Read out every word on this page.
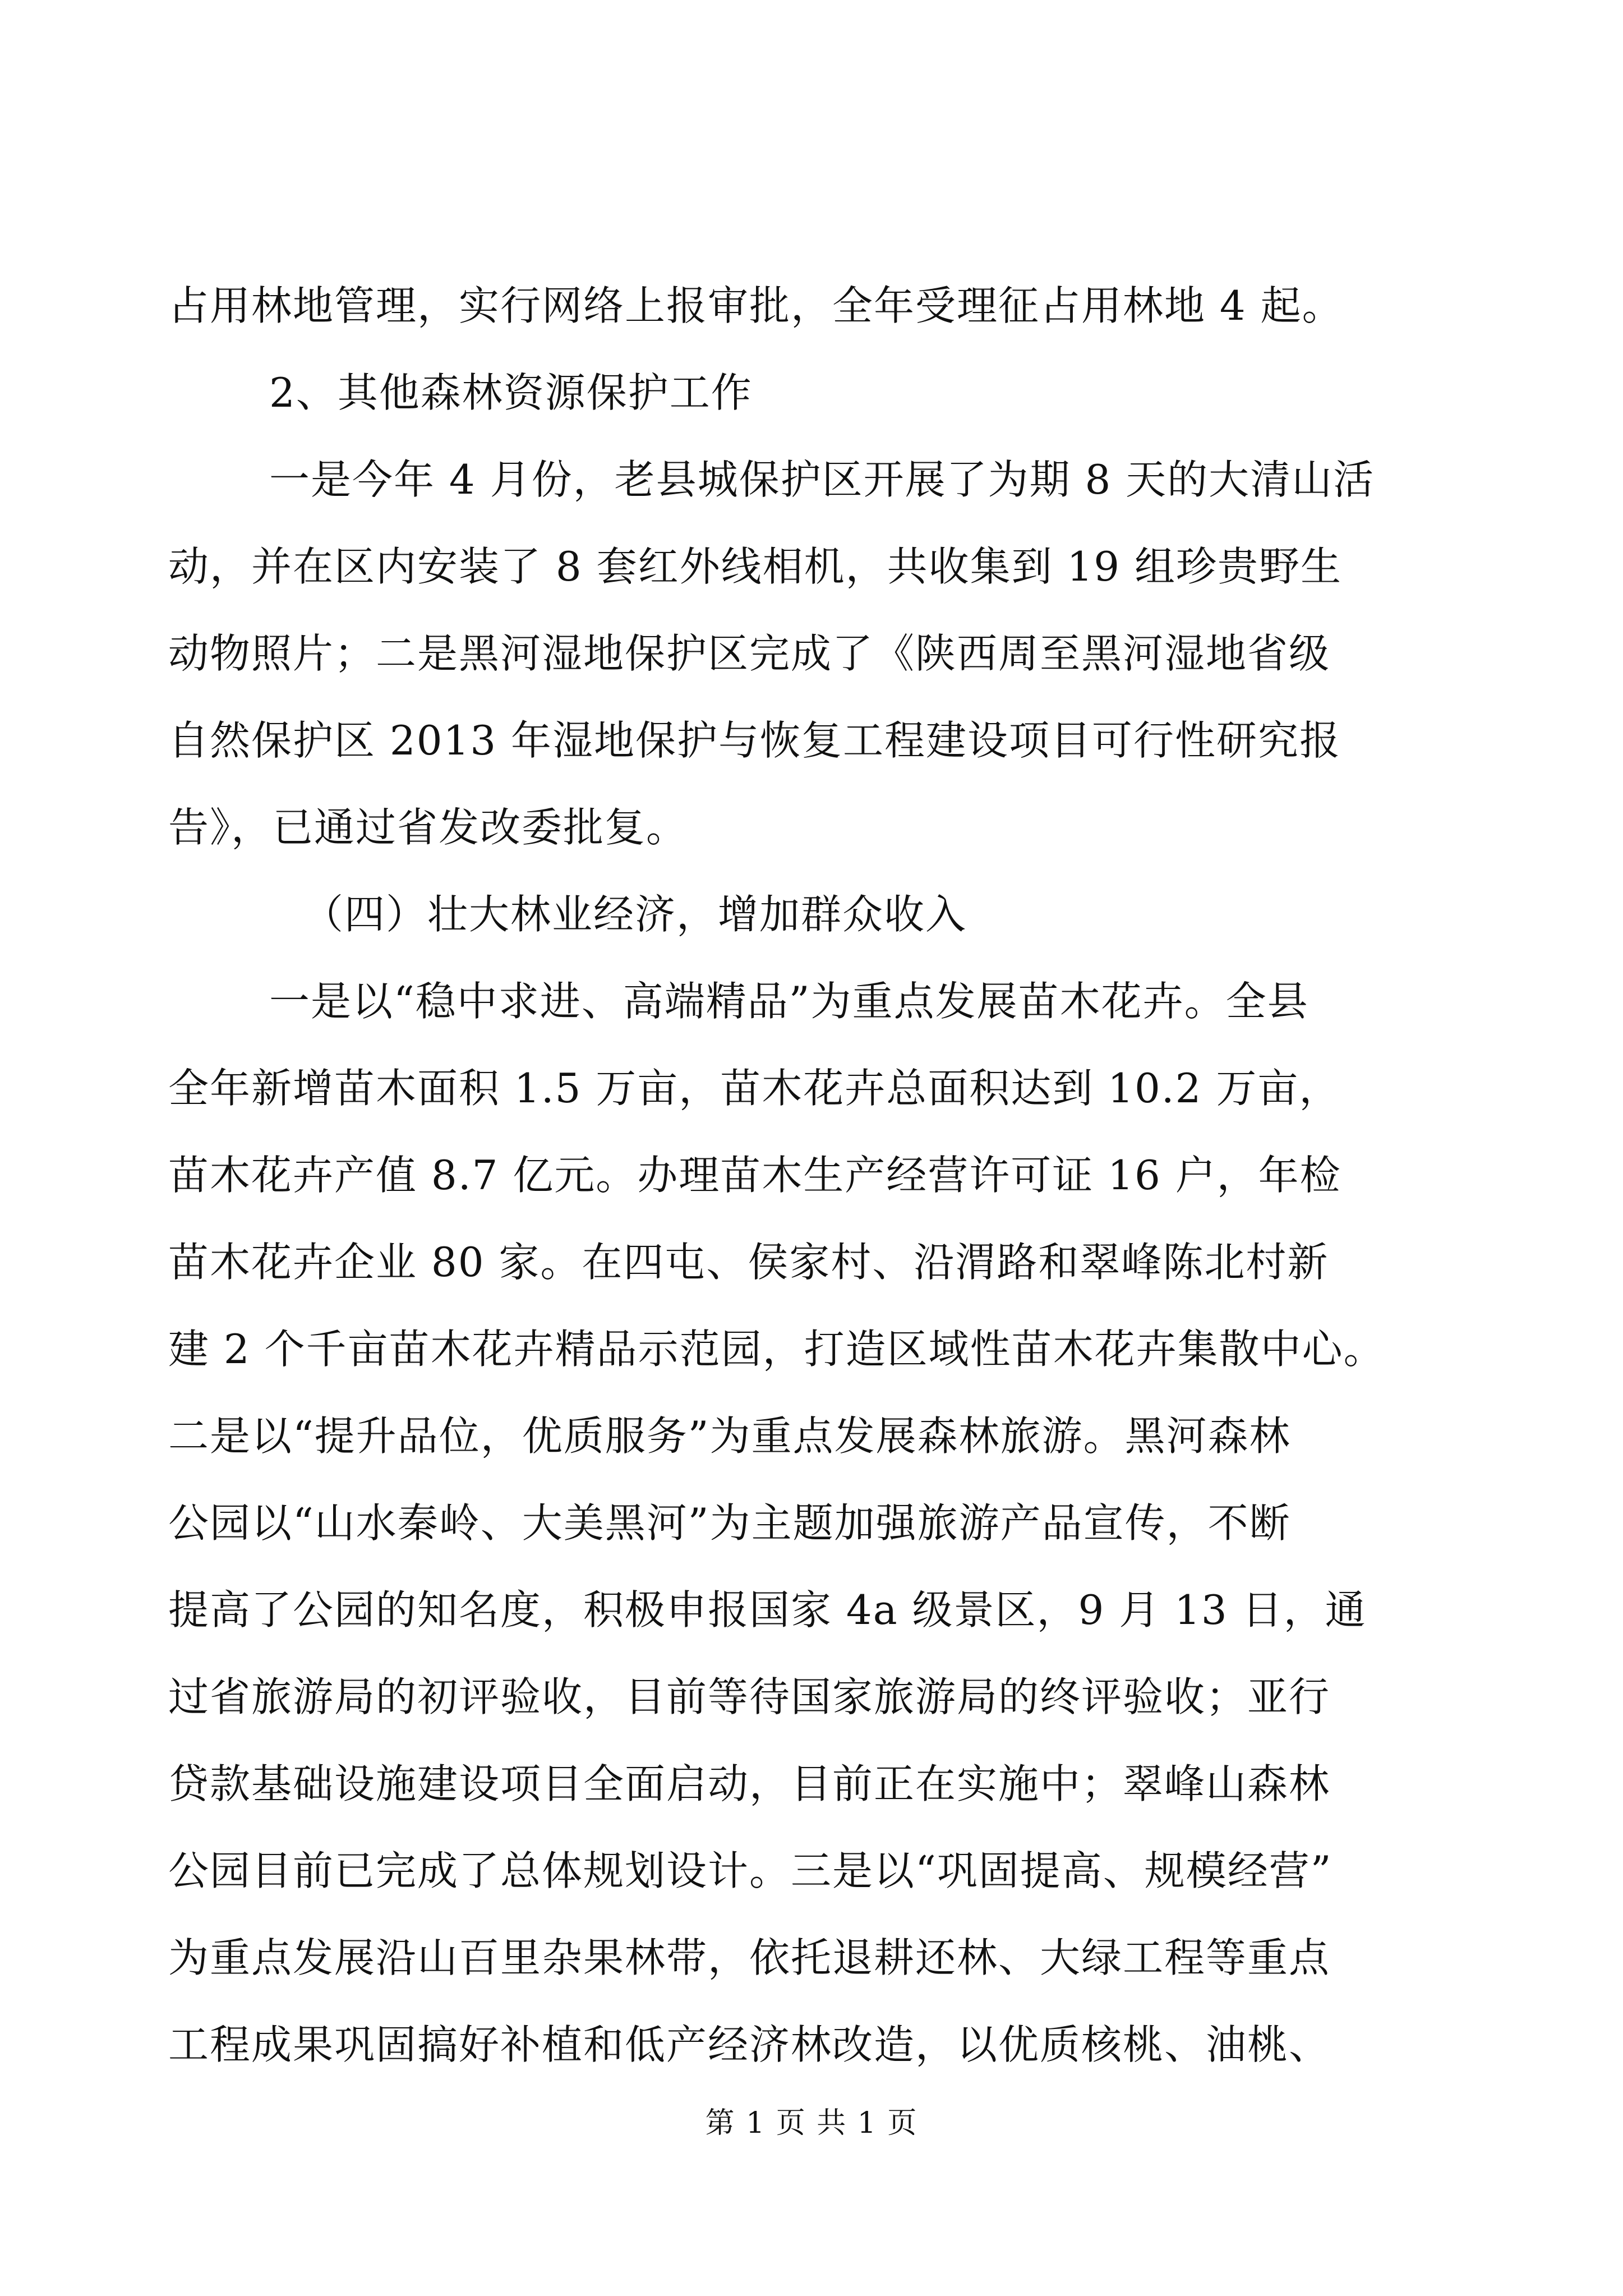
占用林地管理，实行网络上报审批，全年受理征占用林地 4 起。
2、其他森林资源保护工作
一是今年 4 月份，老县城保护区开展了为期 8 天的大清山活
动，并在区内安装了 8 套红外线相机，共收集到 19 组珍贵野生
动物照片；二是黑河湿地保护区完成了《陕西周至黑河湿地省级
自然保护区 2013 年湿地保护与恢复工程建设项目可行性研究报
告》，已通过省发改委批复。
（四）壮大林业经济，增加群众收入
一是以“稳中求进、高端精品”为重点发展苗木花卉。全县
全年新增苗木面积 1.5 万亩，苗木花卉总面积达到 10.2 万亩，
苗木花卉产值 8.7 亿元。办理苗木生产经营许可证 16 户，年检
苗木花卉企业 80 家。在四屯、侯家村、沿渭路和翠峰陈北村新
建 2 个千亩苗木花卉精品示范园，打造区域性苗木花卉集散中心。
二是以“提升品位，优质服务”为重点发展森林旅游。黑河森林
公园以“山水秦岭、大美黑河”为主题加强旅游产品宣传，不断
提高了公园的知名度，积极申报国家 4a 级景区，9 月 13 日，通
过省旅游局的初评验收，目前等待国家旅游局的终评验收；亚行
贷款基础设施建设项目全面启动，目前正在实施中；翠峰山森林
公园目前已完成了总体规划设计。三是以“巩固提高、规模经营”
为重点发展沿山百里杂果林带，依托退耕还林、大绿工程等重点
工程成果巩固搞好补植和低产经济林改造，以优质核桃、油桃、
第 1 页 共 1 页
